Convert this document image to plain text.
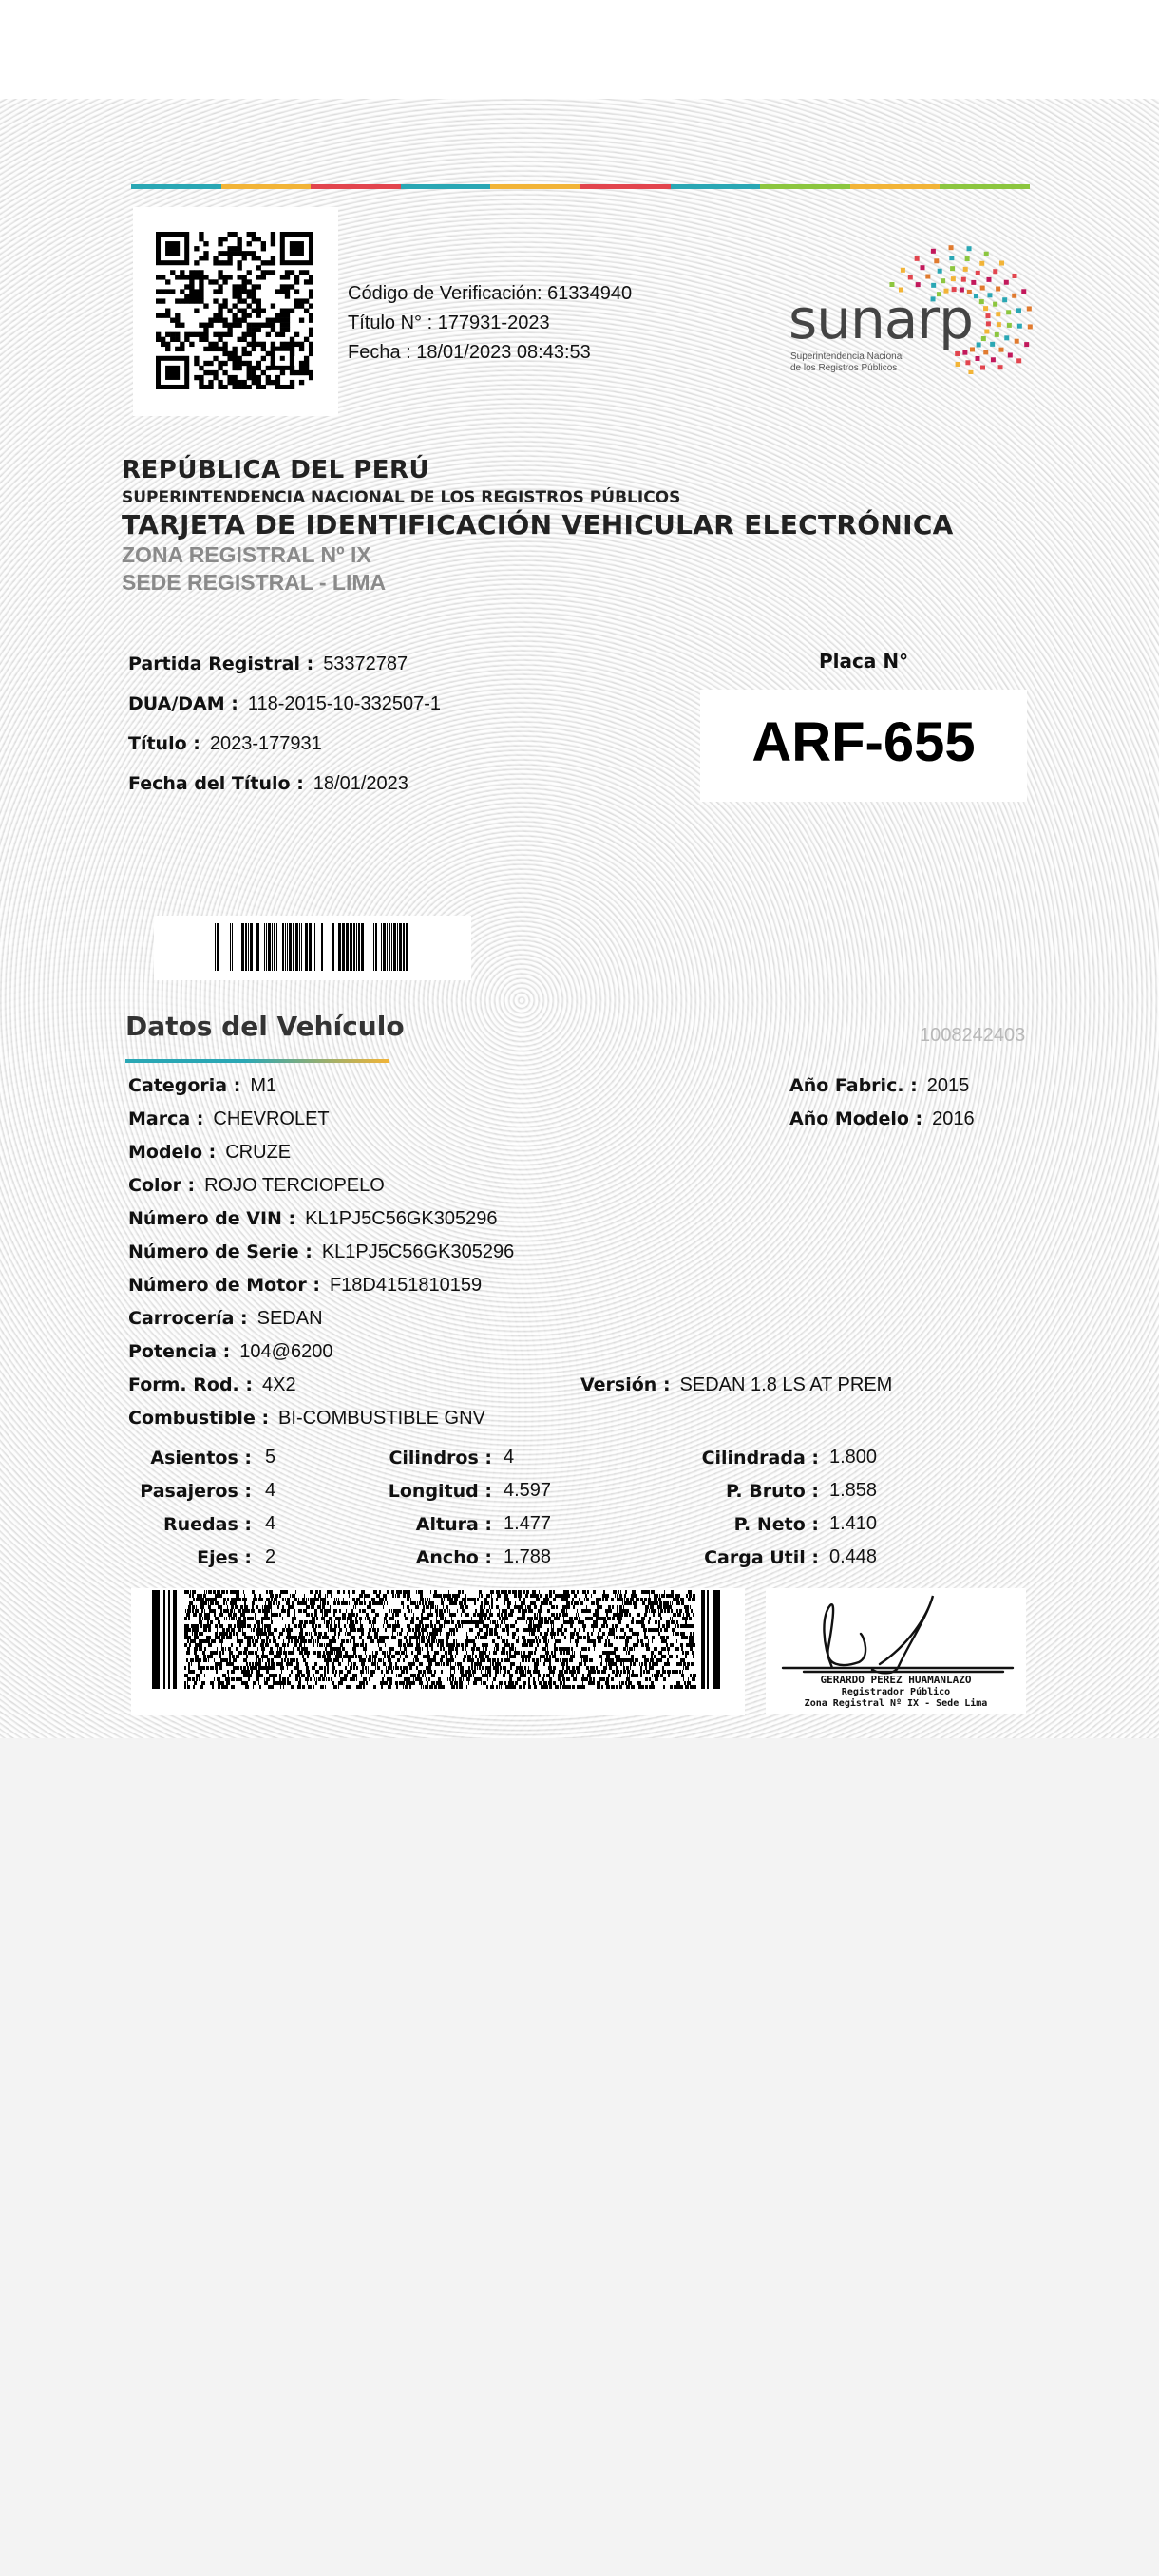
Código de Verificación: 61334940
Título N° : 177931-2023
Fecha : 18/01/2023 08:43:53
sunarp
Superintendencia Nacional
de los Registros Públicos
REPÚBLICA DEL PERÚ
SUPERINTENDENCIA NACIONAL DE LOS REGISTROS PÚBLICOS
TARJETA DE IDENTIFICACIÓN VEHICULAR ELECTRÓNICA
ZONA REGISTRAL Nº IX
SEDE REGISTRAL - LIMA
Partida Registral : 53372787
DUA/DAM : 118-2015-10-332507-1
Título : 2023-177931
Fecha del Título : 18/01/2023
Placa N°
ARF-655
Datos del Vehículo	1008242403
Categoria : M1
Marca : CHEVROLET
Modelo : CRUZE
Color : ROJO TERCIOPELO
Número de VIN : KL1PJ5C56GK305296
Número de Serie : KL1PJ5C56GK305296
Número de Motor : F18D4151810159
Carrocería : SEDAN
Potencia : 104@6200
Form. Rod. : 4X2
Combustible : BI-COMBUSTIBLE GNV
Versión : SEDAN 1.8 LS AT PREM
Año Fabric. : 2015
Año Modelo : 2016
Asientos : 5
Pasajeros : 4
Ruedas : 4
Ejes : 2
Cilindros : 4
Longitud : 4.597
Altura : 1.477
Ancho : 1.788
Cilindrada : 1.800
P. Bruto : 1.858
P. Neto : 1.410
Carga Util : 0.448
GERARDO PEREZ HUAMANLAZO
Registrador Público
Zona Registral Nº IX - Sede Lima
